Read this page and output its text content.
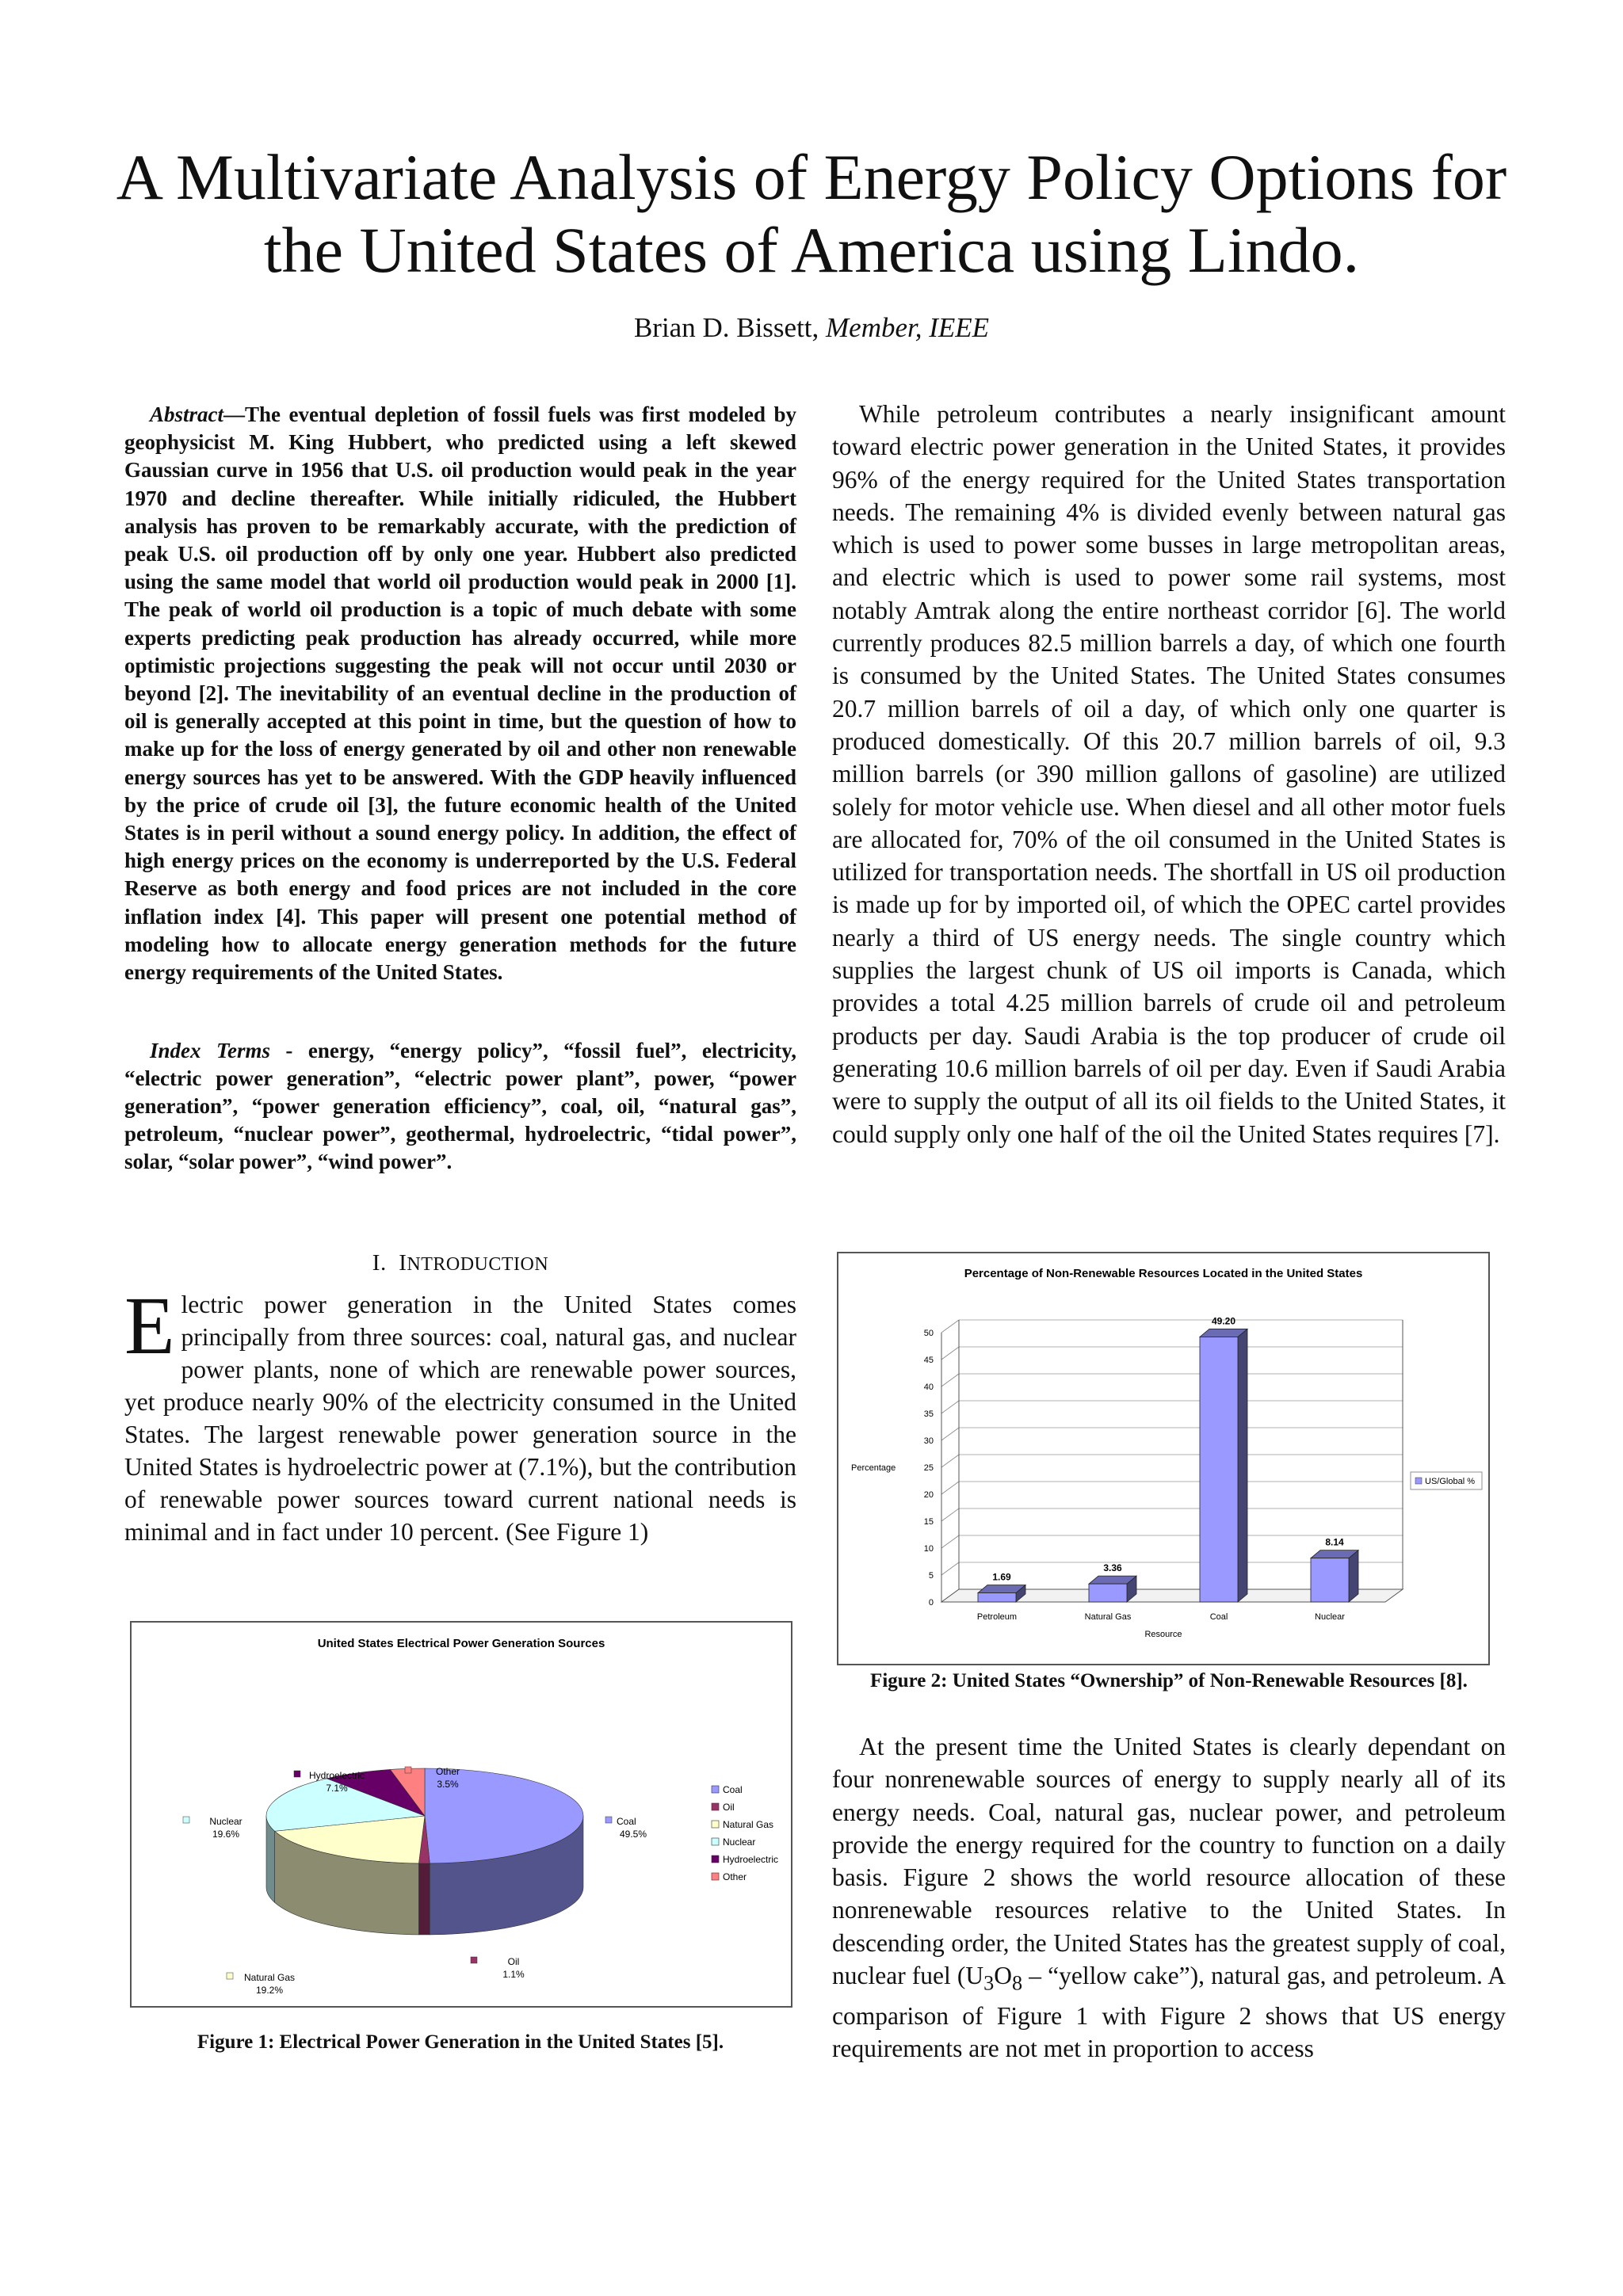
A Multivariate Analysis of Energy Policy Options for the United States of America using Lindo.
Brian D. Bissett, Member, IEEE

Abstract—The eventual depletion of fossil fuels was first modeled by geophysicist M. King Hubbert, who predicted using a left skewed Gaussian curve in 1956 that U.S. oil production would peak in the year 1970 and decline thereafter. While initially ridiculed, the Hubbert analysis has proven to be remarkably accurate, with the prediction of peak U.S. oil production off by only one year. Hubbert also predicted using the same model that world oil production would peak in 2000 [1]. The peak of world oil production is a topic of much debate with some experts predicting peak production has already occurred, while more optimistic projections suggesting the peak will not occur until 2030 or beyond [2]. The inevitability of an eventual decline in the production of oil is generally accepted at this point in time, but the question of how to make up for the loss of energy generated by oil and other non renewable energy sources has yet to be answered. With the GDP heavily influenced by the price of crude oil [3], the future economic health of the United States is in peril without a sound energy policy. In addition, the effect of high energy prices on the economy is underreported by the U.S. Federal Reserve as both energy and food prices are not included in the core inflation index [4]. This paper will present one potential method of modeling how to allocate energy generation methods for the future energy requirements of the United States.

Index Terms - energy, “energy policy”, “fossil fuel”, electricity, “electric power generation”, “electric power plant”, power, “power generation”, “power generation efficiency”, coal, oil, “natural gas”, petroleum, “nuclear power”, geothermal, hydroelectric, “tidal power”, solar, “solar power”, “wind power”.

I. INTRODUCTION

Electric power generation in the United States comes principally from three sources: coal, natural gas, and nuclear power plants, none of which are renewable power sources, yet produce nearly 90% of the electricity consumed in the United States. The largest renewable power generation source in the United States is hydroelectric power at (7.1%), but the contribution of renewable power sources toward current national needs is minimal and in fact under 10 percent. (See Figure 1)

United States Electrical Power Generation Sources
Coal
49.5%
Oil
1.1%
Natural Gas
19.2%
Nuclear
19.6%
Hydroelectric
7.1%
Other
3.5%	Coal
Oil
Natural Gas
Nuclear
Hydroelectric
Other
Figure 1: Electrical Power Generation in the United States [5].

While petroleum contributes a nearly insignificant amount toward electric power generation in the United States, it provides 96% of the energy required for the United States transportation needs. The remaining 4% is divided evenly between natural gas which is used to power some busses in large metropolitan areas, and electric which is used to power some rail systems, most notably Amtrak along the entire northeast corridor [6]. The world currently produces 82.5 million barrels a day, of which one fourth is consumed by the United States. The United States consumes 20.7 million barrels of oil a day, of which only one quarter is produced domestically. Of this 20.7 million barrels of oil, 9.3 million barrels (or 390 million gallons of gasoline) are utilized solely for motor vehicle use. When diesel and all other motor fuels are allocated for, 70% of the oil consumed in the United States is utilized for transportation needs. The shortfall in US oil production is made up for by imported oil, of which the OPEC cartel provides nearly a third of US energy needs. The single country which supplies the largest chunk of US oil imports is Canada, which provides a total 4.25 million barrels of crude oil and petroleum products per day. Saudi Arabia is the top producer of crude oil generating 10.6 million barrels of oil per day. Even if Saudi Arabia were to supply the output of all its oil fields to the United States, it could supply only one half of the oil the United States requires [7].

Percentage of Non-Renewable Resources Located in the United States
0
5
10
15
20
25
30
35
40
45
50
1.69
Petroleum
3.36
Natural Gas
49.20
Coal
8.14
Nuclear
Resource
Percentage
US/Global %
Figure 2: United States “Ownership” of Non-Renewable Resources [8].

At the present time the United States is clearly dependant on four nonrenewable sources of energy to supply nearly all of its energy needs. Coal, natural gas, nuclear power, and petroleum provide the energy required for the country to function on a daily basis. Figure 2 shows the world resource allocation of these nonrenewable resources relative to the United States. In descending order, the United States has the greatest supply of coal, nuclear fuel ($U_3O_8$ – “yellow cake”), natural gas, and petroleum. A comparison of Figure 1 with Figure 2 shows that US energy requirements are not met in proportion to access
